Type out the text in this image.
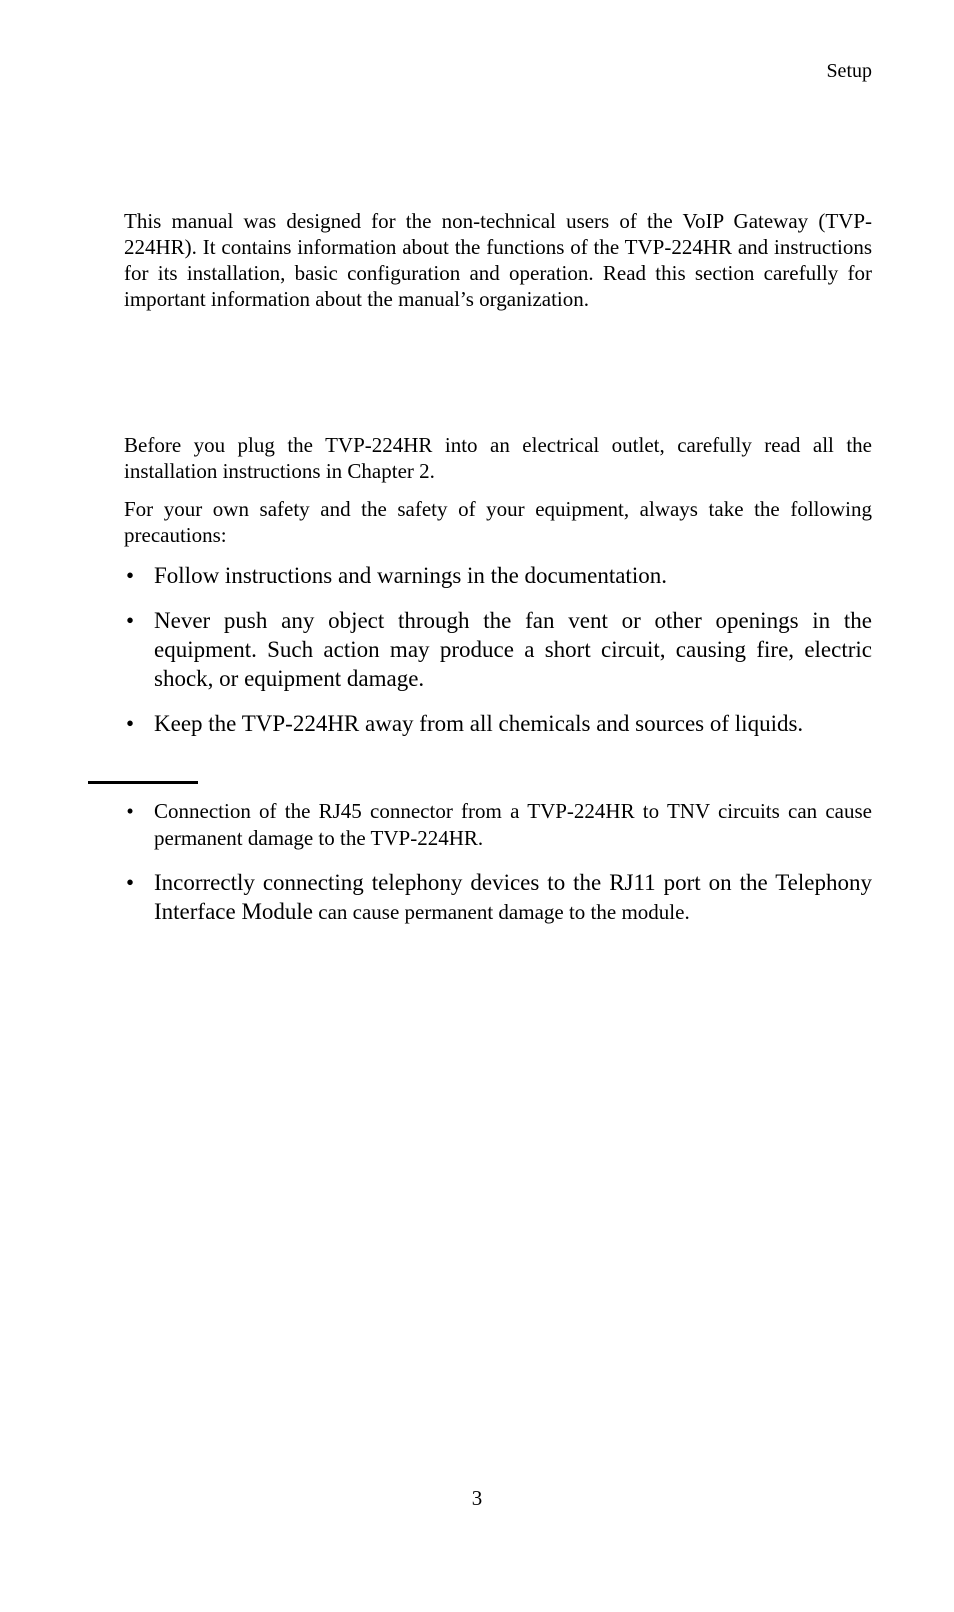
Setup

This manual was designed for the non-technical users of the VoIP Gateway (TVP-224HR). It contains information about the functions of the TVP-224HR and instructions for its installation, basic configuration and operation. Read this section carefully for important information about the manual’s organization.

Before you plug the TVP-224HR into an electrical outlet, carefully read all the installation instructions in Chapter 2.

For your own safety and the safety of your equipment, always take the following precautions:

• Follow instructions and warnings in the documentation.
• Never push any object through the fan vent or other openings in the equipment. Such action may produce a short circuit, causing fire, electric shock, or equipment damage.
• Keep the TVP-224HR away from all chemicals and sources of liquids.
• Connection of the RJ45 connector from a TVP-224HR to TNV circuits can cause permanent damage to the TVP-224HR.
• Incorrectly connecting telephony devices to the RJ11 port on the Telephony Interface Module can cause permanent damage to the module.
3
